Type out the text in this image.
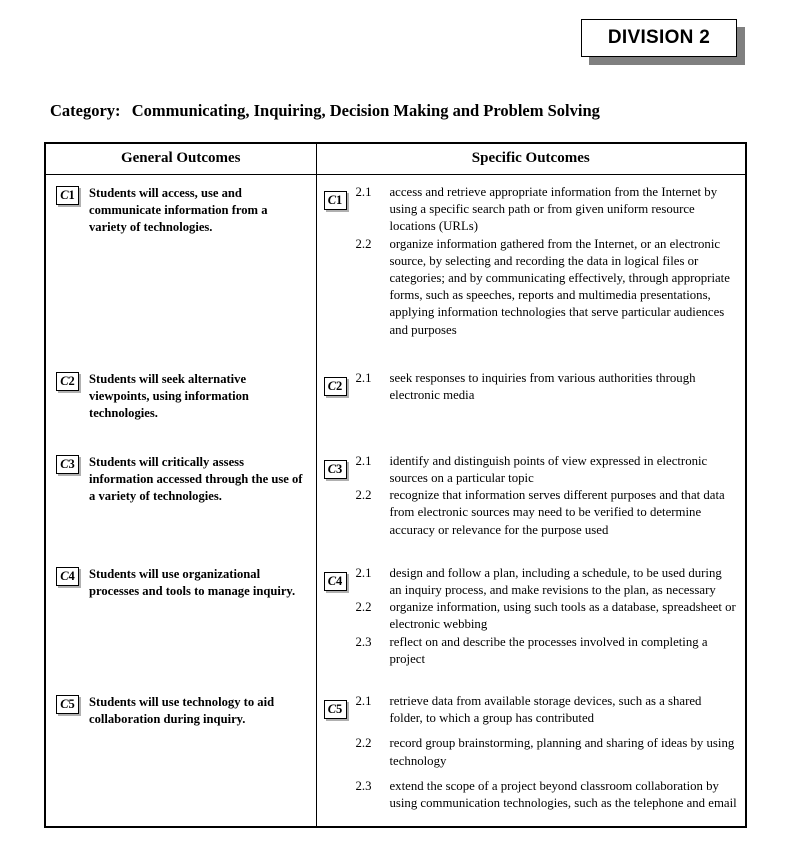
DIVISION 2
Category: Communicating, Inquiring, Decision Making and Problem Solving
General Outcomes	Specific Outcomes

C 1 Students will access, use and communicate information from a variety of technologies.

C 1
2.1	access and retrieve appropriate information from the Internet by using a specific search path or from given uniform resource locations (URLs)
2.2	organize information gathered from the Internet, or an electronic source, by selecting and recording the data in logical files or categories; and by communicating effectively, through appropriate forms, such as speeches, reports and multimedia presentations, applying information technologies that serve particular audiences and purposes

C 2 Students will seek alternative viewpoints, using information technologies.

C 2
2.1	seek responses to inquiries from various authorities through electronic media

C 3 Students will critically assess information accessed through the use of a variety of technologies.

C 3
2.1	identify and distinguish points of view expressed in electronic sources on a particular topic
2.2	recognize that information serves different purposes and that data from electronic sources may need to be verified to determine accuracy or relevance for the purpose used

C 4 Students will use organizational processes and tools to manage inquiry.

C 4
2.1	design and follow a plan, including a schedule, to be used during an inquiry process, and make revisions to the plan, as necessary
2.2	organize information, using such tools as a database, spreadsheet or electronic webbing
2.3	reflect on and describe the processes involved in completing a project

C 5 Students will use technology to aid collaboration during inquiry.

C 5
2.1	retrieve data from available storage devices, such as a shared folder, to which a group has contributed
2.2	record group brainstorming, planning and sharing of ideas by using technology
2.3	extend the scope of a project beyond classroom collaboration by using communication technologies, such as the telephone and email
